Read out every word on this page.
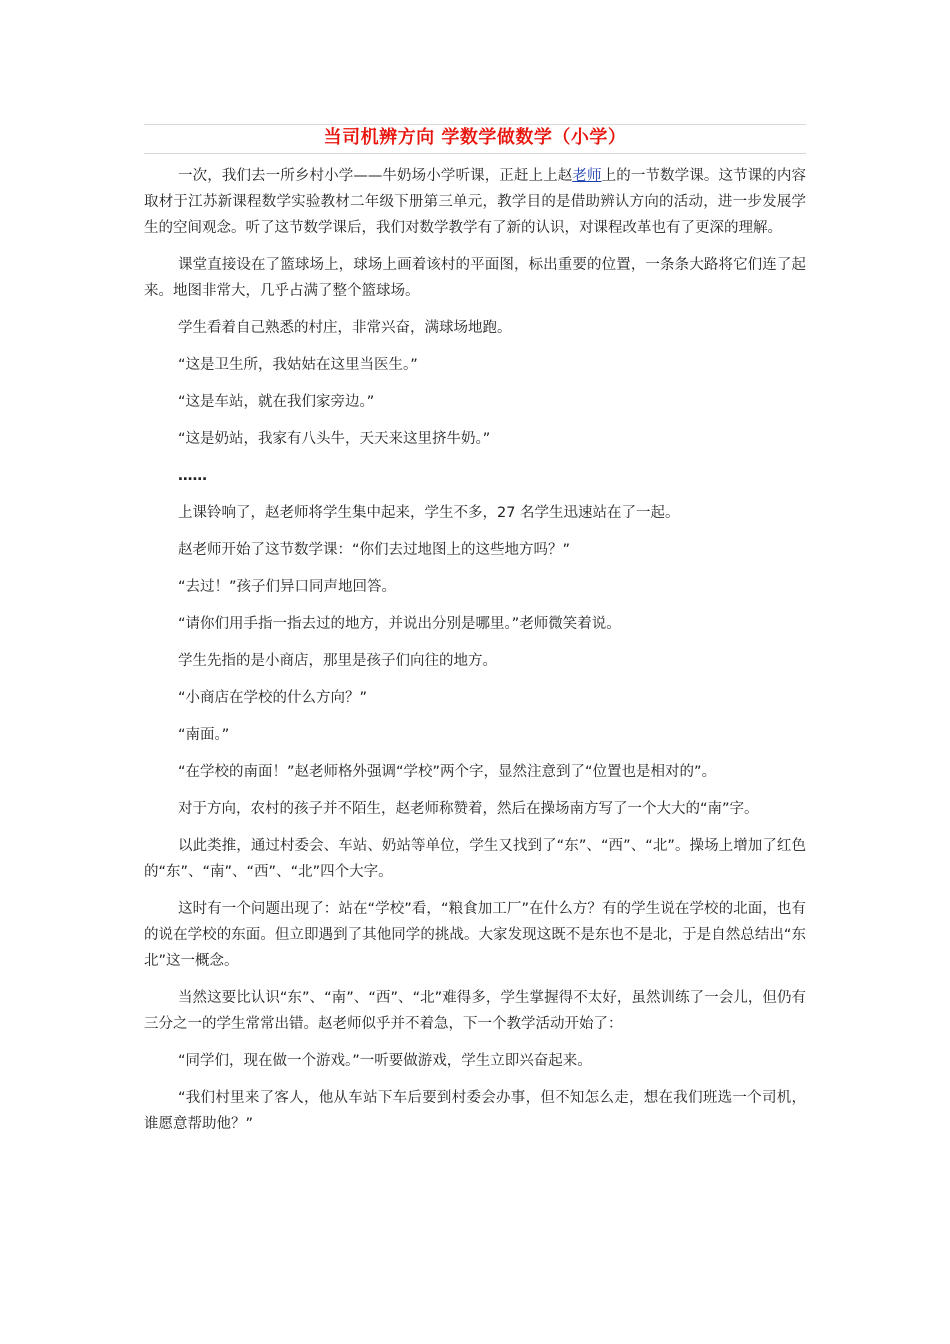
当司机辨方向 学数学做数学（小学）

一次，我们去一所乡村小学——牛奶场小学听课，正赶上上赵老师上的一节数学课。这节课的内容取材于江苏新课程数学实验教材二年级下册第三单元，教学目的是借助辨认方向的活动，进一步发展学生的空间观念。听了这节数学课后，我们对数学教学有了新的认识，对课程改革也有了更深的理解。

课堂直接设在了篮球场上，球场上画着该村的平面图，标出重要的位置，一条条大路将它们连了起来。地图非常大，几乎占满了整个篮球场。

学生看着自己熟悉的村庄，非常兴奋，满球场地跑。

“这是卫生所，我姑姑在这里当医生。”

“这是车站，就在我们家旁边。”

“这是奶站，我家有八头牛，天天来这里挤牛奶。”

……

上课铃响了，赵老师将学生集中起来，学生不多，27 名学生迅速站在了一起。

赵老师开始了这节数学课：“你们去过地图上的这些地方吗？”

“去过！”孩子们异口同声地回答。

“请你们用手指一指去过的地方，并说出分别是哪里。”老师微笑着说。

学生先指的是小商店，那里是孩子们向往的地方。

“小商店在学校的什么方向？”

“南面。”

“在学校的南面！”赵老师格外强调“学校”两个字，显然注意到了“位置也是相对的”。

对于方向，农村的孩子并不陌生，赵老师称赞着，然后在操场南方写了一个大大的“南”字。

以此类推，通过村委会、车站、奶站等单位，学生又找到了“东”、“西”、“北”。操场上增加了红色的“东”、“南”、“西”、“北”四个大字。

这时有一个问题出现了：站在“学校”看，“粮食加工厂”在什么方？有的学生说在学校的北面，也有的说在学校的东面。但立即遇到了其他同学的挑战。大家发现这既不是东也不是北，于是自然总结出“东北”这一概念。

当然这要比认识“东”、“南”、“西”、“北”难得多，学生掌握得不太好，虽然训练了一会儿，但仍有三分之一的学生常常出错。赵老师似乎并不着急，下一个教学活动开始了：

“同学们，现在做一个游戏。”一听要做游戏，学生立即兴奋起来。

“我们村里来了客人，他从车站下车后要到村委会办事，但不知怎么走，想在我们班选一个司机，谁愿意帮助他？”
